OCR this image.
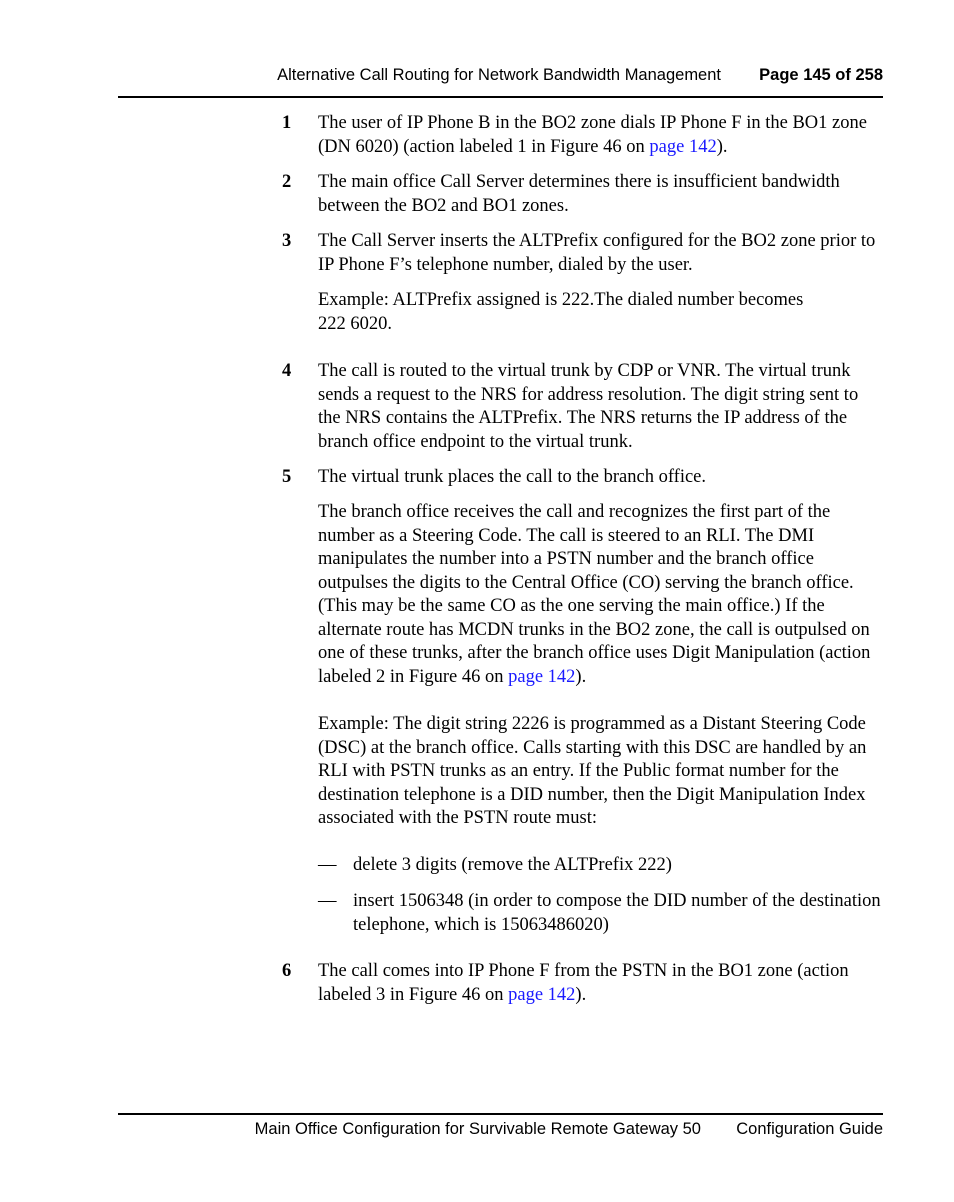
Alternative Call Routing for Network Bandwidth Management Page 145 of 258
1 The user of IP Phone B in the BO2 zone dials IP Phone F in the BO1 zone (DN 6020) (action labeled 1 in Figure 46 on page 142).
2 The main office Call Server determines there is insufficient bandwidth between the BO2 and BO1 zones.
3 The Call Server inserts the ALTPrefix configured for the BO2 zone prior to IP Phone F’s telephone number, dialed by the user.
Example: ALTPrefix assigned is 222.The dialed number becomes
222 6020.
4 The call is routed to the virtual trunk by CDP or VNR. The virtual trunk sends a request to the NRS for address resolution. The digit string sent to the NRS contains the ALTPrefix. The NRS returns the IP address of the branch office endpoint to the virtual trunk.
5 The virtual trunk places the call to the branch office.
The branch office receives the call and recognizes the first part of the number as a Steering Code. The call is steered to an RLI. The DMI manipulates the number into a PSTN number and the branch office outpulses the digits to the Central Office (CO) serving the branch office. (This may be the same CO as the one serving the main office.) If the alternate route has MCDN trunks in the BO2 zone, the call is outpulsed on one of these trunks, after the branch office uses Digit Manipulation (action labeled 2 in Figure 46 on page 142).
Example: The digit string 2226 is programmed as a Distant Steering Code (DSC) at the branch office. Calls starting with this DSC are handled by an RLI with PSTN trunks as an entry. If the Public format number for the destination telephone is a DID number, then the Digit Manipulation Index associated with the PSTN route must:
— delete 3 digits (remove the ALTPrefix 222)
— insert 1506348 (in order to compose the DID number of the destination telephone, which is 15063486020)
6 The call comes into IP Phone F from the PSTN in the BO1 zone (action labeled 3 in Figure 46 on page 142).
Main Office Configuration for Survivable Remote Gateway 50 Configuration Guide
